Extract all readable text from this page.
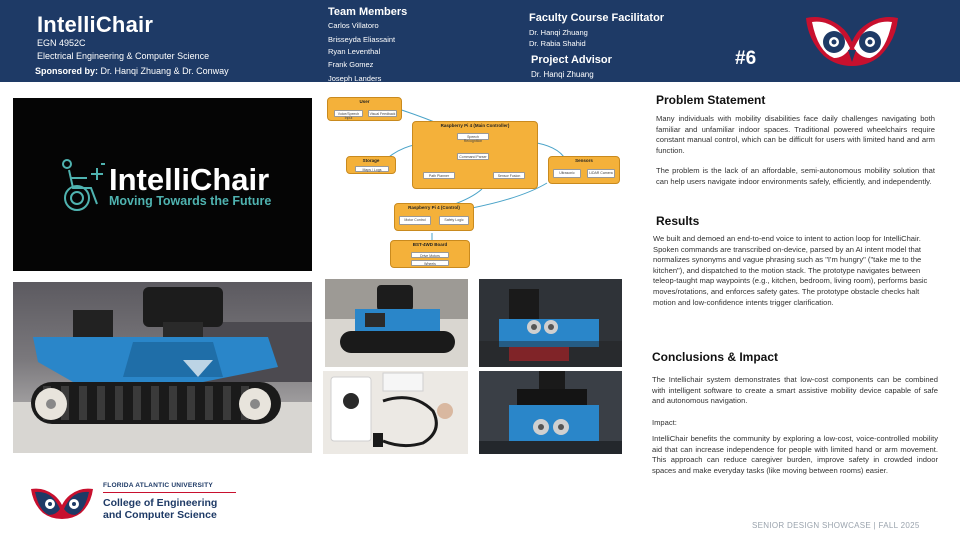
IntelliChair
EGN 4952C
Electrical Engineering & Computer Science
Sponsored by: Dr. Hanqi Zhuang & Dr. Conway
Team Members
Carlos Villatoro
Brisseyda Eliassaint
Ryan Leventhal
Frank Gomez
Joseph Landers
Faculty Course Facilitator
Dr. Hanqi Zhuang
Dr. Rabia Shahid
Project Advisor
Dr. Hanqi Zhuang
#6
IntelliChair
Moving Towards the Future
User
Voice/Speech Input
Visual Feedback
Raspberry Pi 4 (Main Controller)
Speech Recognition
Command Parser
Path Planner	Sensor Fusion
Storage
Maps / Logs
Sensors
Ultrasonic	LiDAR Camera
Raspberry Pi 4 (Control)
Motor Control	Safety Logic
BST-4WD Board
Drive Motors
Wheels
Problem Statement
Many individuals with mobility disabilities face daily challenges navigating both familiar and unfamiliar indoor spaces. Traditional powered wheelchairs require constant manual control, which can be difficult for users with limited hand and arm function.
The problem is the lack of an affordable, semi-autonomous mobility solution that can help users navigate indoor environments safely, efficiently, and independently.
Results
We built and demoed an end-to-end voice to intent to action loop for IntelliChair. Spoken commands are transcribed on-device, parsed by an AI intent model that normalizes synonyms and vague phrasing such as "I'm hungry" ("take me to the kitchen"), and dispatched to the motion stack. The prototype navigates between teleop-taught map waypoints (e.g., kitchen, bedroom, living room), performs basic moves/rotations, and enforces safety gates. The prototype obstacle checks halt motion and low-confidence intents trigger clarification.
Conclusions & Impact
The Intellichair system demonstrates that low-cost components can be combined with intelligent software to create a smart assistive mobility device capable of safe and autonomous navigation.
Impact:
IntelliChair benefits the community by exploring a low-cost, voice-controlled mobility aid that can increase independence for people with limited hand or arm movement. This approach can reduce caregiver burden, improve safety in crowded indoor spaces and make everyday tasks (like moving between rooms) easier.
FLORIDA ATLANTIC UNIVERSITY
College of Engineering
and Computer Science
SENIOR DESIGN SHOWCASE | FALL 2025
